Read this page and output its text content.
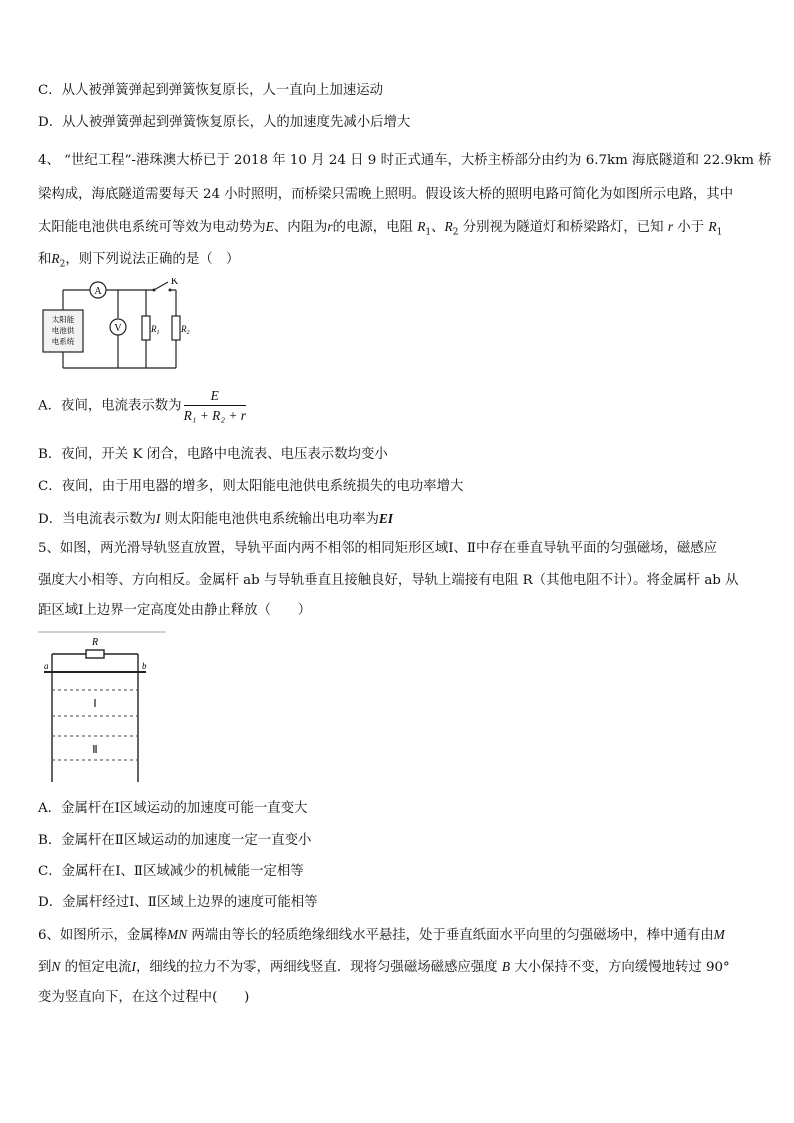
C．从人被弹簧弹起到弹簧恢复原长，人一直向上加速运动
D．从人被弹簧弹起到弹簧恢复原长，人的加速度先减小后增大
4、 “世纪工程”-港珠澳大桥已于 2018 年 10 月 24 日 9 时正式通车，大桥主桥部分由约为 6.7km 海底隧道和 22.9km 桥
梁构成，海底隧道需要每天 24 小时照明，而桥梁只需晚上照明。假设该大桥的照明电路可简化为如图所示电路，其中
太阳能电池供电系统可等效为电动势为E、内阻为r的电源，电阻 $R_1$、$R_2$ 分别视为隧道灯和桥梁路灯，已知 r 小于 $R_1$
和$R_2$，则下列说法正确的是（　）
A
V
K
$R_1$ $R_2$
太阳能
电池供
电系统
A．夜间，电流表示数为 $\frac{E}{\text{R₁ + R₂ + r}}$
B．夜间，开关 K 闭合，电路中电流表、电压表示数均变小
C．夜间，由于用电器的增多，则太阳能电池供电系统损失的电功率增大
D．当电流表示数为I 则太阳能电池供电系统输出电功率为EI
5、如图，两光滑导轨竖直放置，导轨平面内两不相邻的相同矩形区域Ⅰ、Ⅱ中存在垂直导轨平面的匀强磁场，磁感应
强度大小相等、方向相反。金属杆 ab 与导轨垂直且接触良好，导轨上端接有电阻 R（其他电阻不计）。将金属杆 ab 从
距区域Ⅰ上边界一定高度处由静止释放（　　）
R
a	b
Ⅰ
Ⅱ
A．金属杆在Ⅰ区域运动的加速度可能一直变大
B．金属杆在Ⅱ区域运动的加速度一定一直变小
C．金属杆在Ⅰ、Ⅱ区域减少的机械能一定相等
D．金属杆经过Ⅰ、Ⅱ区域上边界的速度可能相等
6、如图所示，金属棒MN 两端由等长的轻质绝缘细线水平悬挂，处于垂直纸面水平向里的匀强磁场中，棒中通有由M
到N 的恒定电流I，细线的拉力不为零，两细线竖直．现将匀强磁场磁感应强度 B 大小保持不变，方向缓慢地转过 90°
变为竖直向下，在这个过程中(　　)
